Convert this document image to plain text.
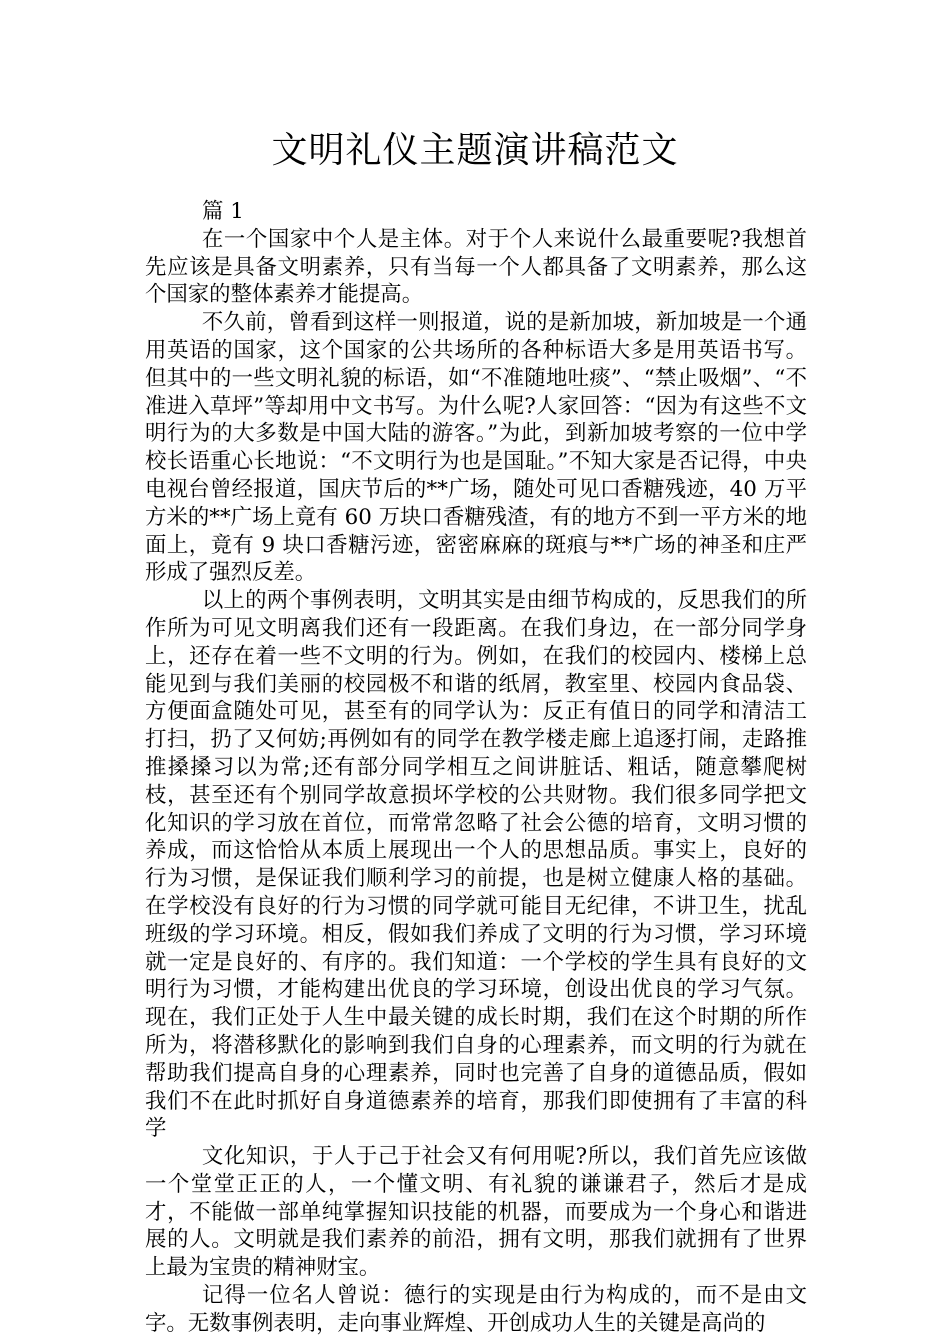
文明礼仪主题演讲稿范文

篇 1

在一个国家中个人是主体。对于个人来说什么最重要呢?我想首先应该是具备文明素养，只有当每一个人都具备了文明素养，那么这个国家的整体素养才能提高。

不久前，曾看到这样一则报道，说的是新加坡，新加坡是一个通用英语的国家，这个国家的公共场所的各种标语大多是用英语书写。但其中的一些文明礼貌的标语，如“不准随地吐痰”、“禁止吸烟”、“不准进入草坪”等却用中文书写。为什么呢?人家回答：“因为有这些不文明行为的大多数是中国大陆的游客。”为此，到新加坡考察的一位中学校长语重心长地说：“不文明行为也是国耻。”不知大家是否记得，中央电视台曾经报道，国庆节后的**广场，随处可见口香糖残迹，40 万平方米的**广场上竟有 60 万块口香糖残渣，有的地方不到一平方米的地面上，竟有 9 块口香糖污迹，密密麻麻的斑痕与**广场的神圣和庄严形成了强烈反差。

以上的两个事例表明，文明其实是由细节构成的，反思我们的所作所为可见文明离我们还有一段距离。在我们身边，在一部分同学身上，还存在着一些不文明的行为。例如，在我们的校园内、楼梯上总能见到与我们美丽的校园极不和谐的纸屑，教室里、校园内食品袋、方便面盒随处可见，甚至有的同学认为：反正有值日的同学和清洁工打扫，扔了又何妨;再例如有的同学在教学楼走廊上追逐打闹，走路推推搡搡习以为常;还有部分同学相互之间讲脏话、粗话，随意攀爬树枝，甚至还有个别同学故意损坏学校的公共财物。我们很多同学把文化知识的学习放在首位，而常常忽略了社会公德的培育，文明习惯的养成，而这恰恰从本质上展现出一个人的思想品质。事实上，良好的行为习惯，是保证我们顺利学习的前提，也是树立健康人格的基础。在学校没有良好的行为习惯的同学就可能目无纪律，不讲卫生，扰乱班级的学习环境。相反，假如我们养成了文明的行为习惯，学习环境就一定是良好的、有序的。我们知道：一个学校的学生具有良好的文明行为习惯，才能构建出优良的学习环境，创设出优良的学习气氛。现在，我们正处于人生中最关键的成长时期，我们在这个时期的所作所为，将潜移默化的影响到我们自身的心理素养，而文明的行为就在帮助我们提高自身的心理素养，同时也完善了自身的道德品质，假如我们不在此时抓好自身道德素养的培育，那我们即使拥有了丰富的科学

文化知识，于人于己于社会又有何用呢?所以，我们首先应该做一个堂堂正正的人，一个懂文明、有礼貌的谦谦君子，然后才是成才，不能做一部单纯掌握知识技能的机器，而要成为一个身心和谐进展的人。文明就是我们素养的前沿，拥有文明，那我们就拥有了世界上最为宝贵的精神财宝。

记得一位名人曾说：德行的实现是由行为构成的，而不是由文字。无数事例表明，走向事业辉煌、开创成功人生的关键是高尚的
